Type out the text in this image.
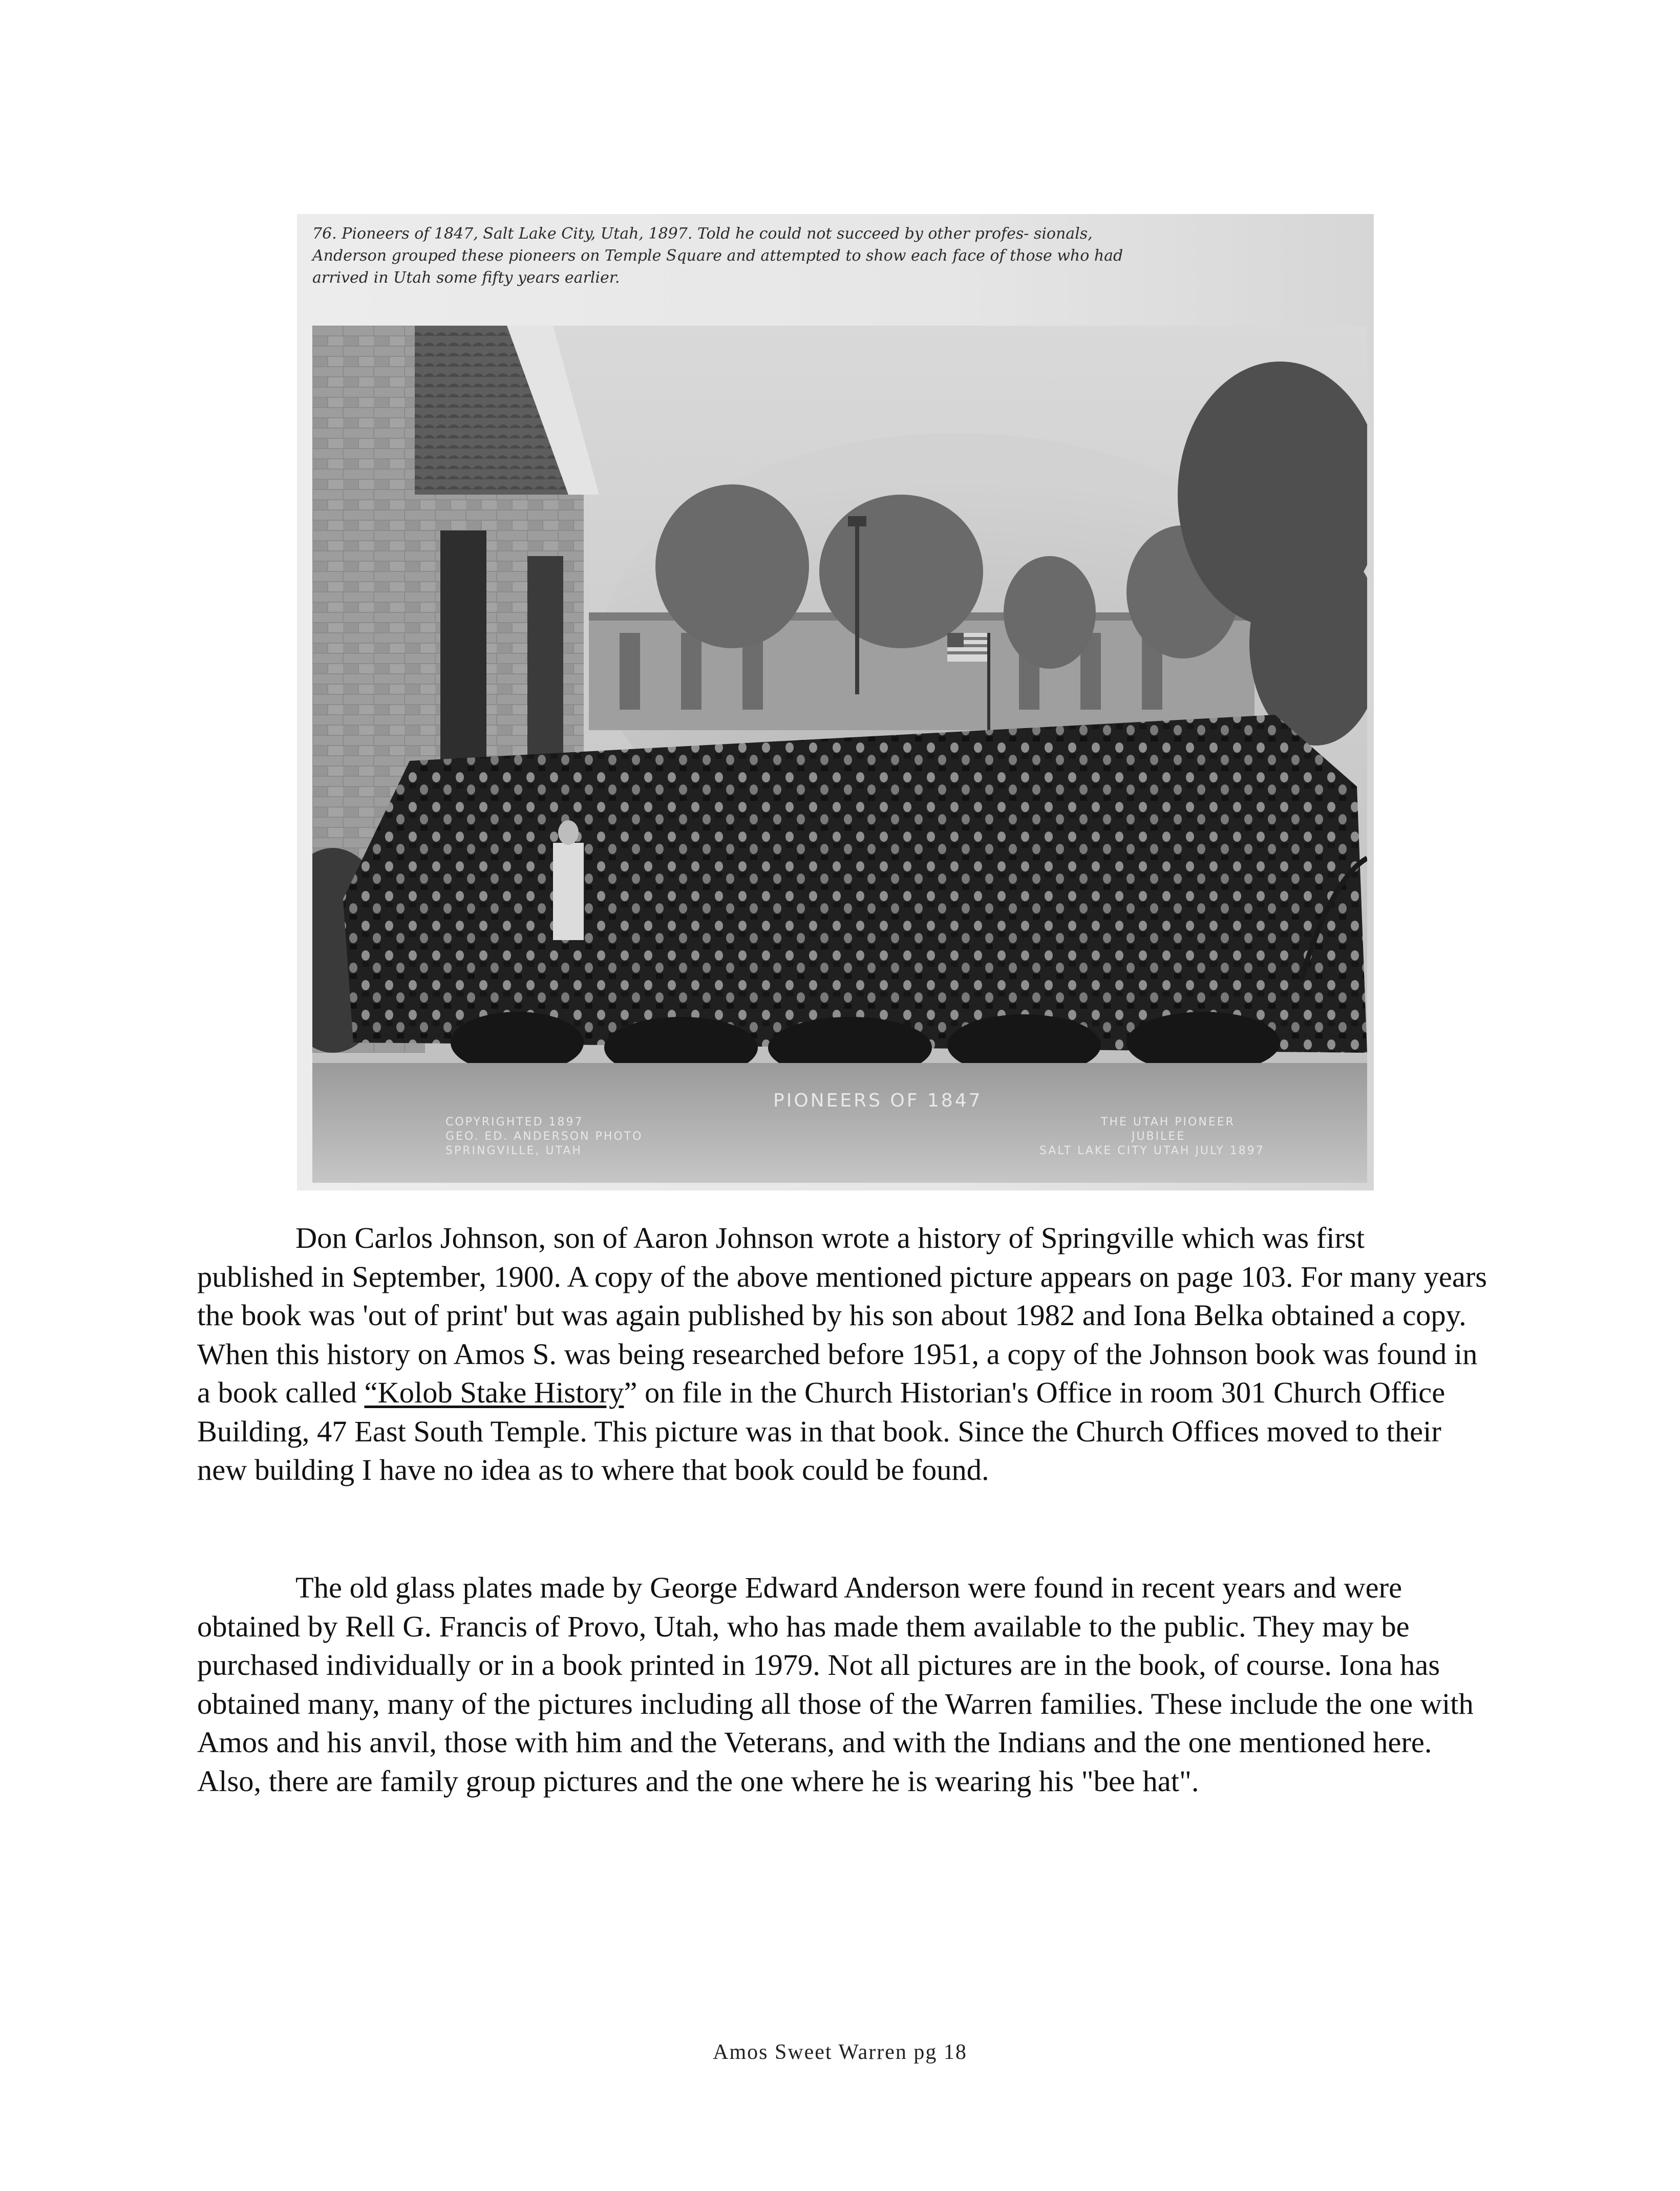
76. Pioneers of 1847, Salt Lake City, Utah, 1897. Told he could not succeed by other profes- sionals, Anderson grouped these pioneers on Temple Square and attempted to show each face of those who had arrived in Utah some fifty years earlier.
PIONEERS OF 1847
COPYRIGHTED 1897
GEO. ED. ANDERSON PHOTO
SPRINGVILLE, UTAH
THE UTAH PIONEER
JUBILEE
SALT LAKE CITY UTAH JULY 1897

Don Carlos Johnson, son of Aaron Johnson wrote a history of Springville which was first published in September, 1900. A copy of the above mentioned picture appears on page 103. For many years the book was 'out of print' but was again published by his son about 1982 and Iona Belka obtained a copy. When this history on Amos S. was being researched before 1951, a copy of the Johnson book was found in a book called “Kolob Stake History” on file in the Church Historian's Office in room 301 Church Office Building, 47 East South Temple. This picture was in that book. Since the Church Offices moved to their new building I have no idea as to where that book could be found.

The old glass plates made by George Edward Anderson were found in recent years and were obtained by Rell G. Francis of Provo, Utah, who has made them available to the public. They may be purchased individually or in a book printed in 1979. Not all pictures are in the book, of course. Iona has obtained many, many of the pictures including all those of the Warren families. These include the one with Amos and his anvil, those with him and the Veterans, and with the Indians and the one mentioned here. Also, there are family group pictures and the one where he is wearing his "bee hat".

Amos Sweet Warren pg 18
